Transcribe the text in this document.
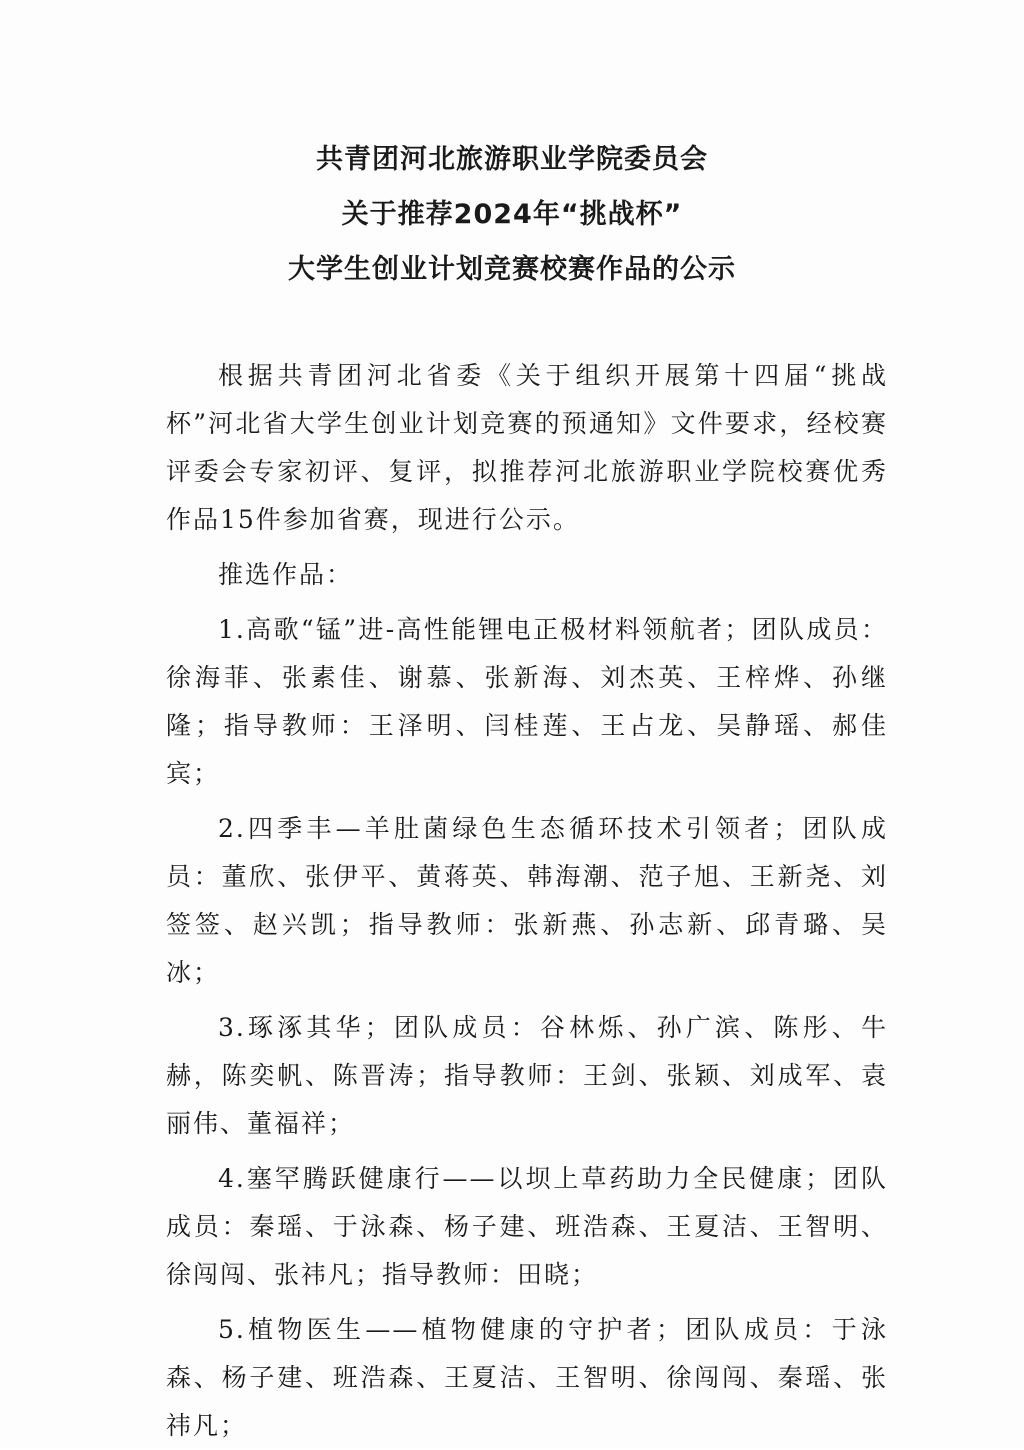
共青团河北旅游职业学院委员会
关于推荐2024年“挑战杯”
大学生创业计划竞赛校赛作品的公示

根据共青团河北省委《关于组织开展第十四届“挑战杯”河北省大学生创业计划竞赛的预通知》文件要求，经校赛评委会专家初评、复评，拟推荐河北旅游职业学院校赛优秀作品15件参加省赛，现进行公示。

推选作品：

1.高歌“锰”进-高性能锂电正极材料领航者；团队成员：徐海菲、张素佳、谢慕、张新海、刘杰英、王梓烨、孙继隆；指导教师：王泽明、闫桂莲、王占龙、吴静瑶、郝佳宾；

2.四季丰—羊肚菌绿色生态循环技术引领者；团队成员：董欣、张伊平、黄蒋英、韩海潮、范子旭、王新尧、刘签签、赵兴凯；指导教师：张新燕、孙志新、邱青璐、吴冰；

3.琢涿其华；团队成员：谷林烁、孙广滨、陈彤、牛赫，陈奕帆、陈晋涛；指导教师：王剑、张颖、刘成军、袁丽伟、董福祥；

4.塞罕腾跃健康行——以坝上草药助力全民健康；团队成员：秦瑶、于泳森、杨子建、班浩森、王夏洁、王智明、徐闯闯、张祎凡；指导教师：田晓；

5.植物医生——植物健康的守护者；团队成员：于泳森、杨子建、班浩森、王夏洁、王智明、徐闯闯、秦瑶、张祎凡；
